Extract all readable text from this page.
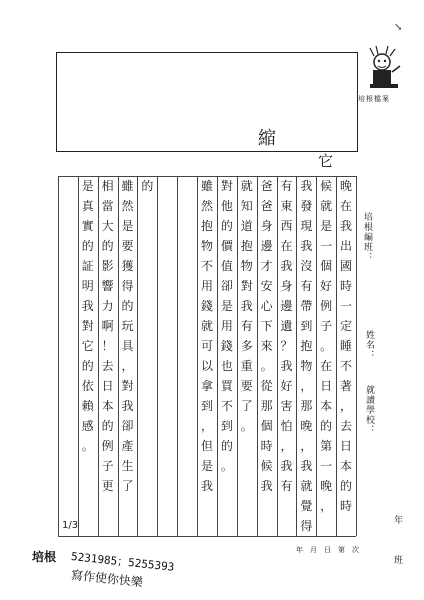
↘
培根檔案
縮
它
晚
在
我
出
國
時
一
定
睡
不
著
，
去
日
本
的
時
候
就
是
一
個
好
例
子
。
在
日
本
的
第
一
晚
，
我
發
現
我
沒
有
帶
到
抱
物
，
那
晚
，
我
就
覺
得
有
東
西
在
我
身
邊
遺
？
我
好
害
怕
，
我
有
爸
爸
身
邊
才
安
心
下
來
。
從
那
個
時
候
我
就
知
道
抱
物
對
我
有
多
重
要
了
。
對
他
的
價
值
卻
是
用
錢
也
買
不
到
的
。
雖
然
抱
物
不
用
錢
就
可
以
拿
到
，
但
是
我
的
雖
然
是
要
獲
得
的
玩
具
，
對
我
卻
產
生
了
相
當
大
的
影
響
力
啊
！
去
日
本
的
例
子
更
是
真
實
的
証
明
我
對
它
的
依
賴
感
。
培根編班：
姓名：
就讀學校：
年
班
年　月　日　第　次
1/3
培根 5231985；5255393
寫作使你快樂
